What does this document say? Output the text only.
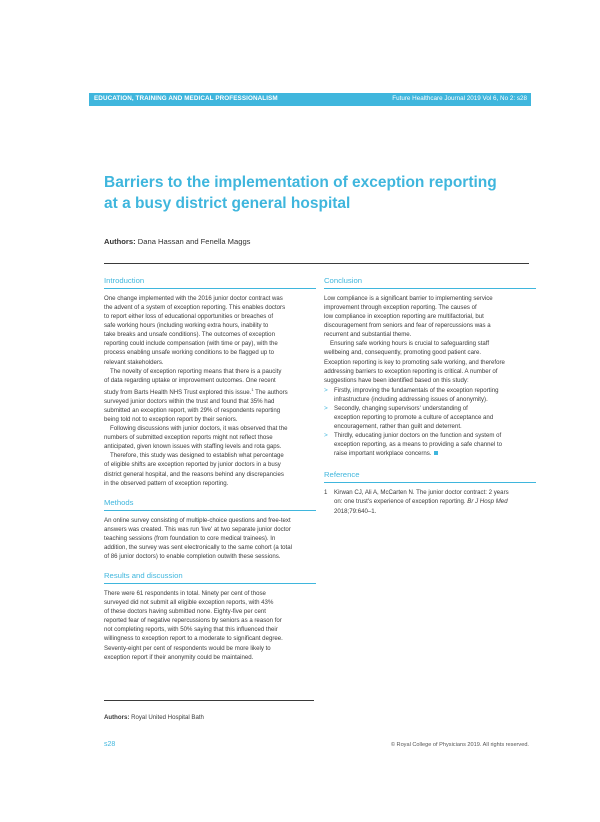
EDUCATION, TRAINING AND MEDICAL PROFESSIONALISM	Future Healthcare Journal 2019 Vol 6, No 2: s28
Barriers to the implementation of exception reporting
at a busy district general hospital
Authors: Dana Hassan and Fenella Maggs
Introduction
One change implemented with the 2016 junior doctor contract was
the advent of a system of exception reporting. This enables doctors
to report either loss of educational opportunities or breaches of
safe working hours (including working extra hours, inability to
take breaks and unsafe conditions). The outcomes of exception
reporting could include compensation (with time or pay), with the
process enabling unsafe working conditions to be flagged up to
relevant stakeholders.
The novelty of exception reporting means that there is a paucity
of data regarding uptake or improvement outcomes. One recent
study from Barts Health NHS Trust explored this issue.$^1$ The authors
surveyed junior doctors within the trust and found that 35% had
submitted an exception report, with 29% of respondents reporting
being told not to exception report by their seniors.
Following discussions with junior doctors, it was observed that the
numbers of submitted exception reports might not reflect those
anticipated, given known issues with staffing levels and rota gaps.
Therefore, this study was designed to establish what percentage
of eligible shifts are exception reported by junior doctors in a busy
district general hospital, and the reasons behind any discrepancies
in the observed pattern of exception reporting.
Methods
An online survey consisting of multiple-choice questions and free-text
answers was created. This was run 'live' at two separate junior doctor
teaching sessions (from foundation to core medical trainees). In
addition, the survey was sent electronically to the same cohort (a total
of 86 junior doctors) to enable completion outwith these sessions.
Results and discussion
There were 61 respondents in total. Ninety per cent of those
surveyed did not submit all eligible exception reports, with 43%
of these doctors having submitted none. Eighty-five per cent
reported fear of negative repercussions by seniors as a reason for
not completing reports, with 50% saying that this influenced their
willingness to exception report to a moderate to significant degree.
Seventy-eight per cent of respondents would be more likely to
exception report if their anonymity could be maintained.
Conclusion
Low compliance is a significant barrier to implementing service
improvement through exception reporting. The causes of
low compliance in exception reporting are multifactorial, but
discouragement from seniors and fear of repercussions was a
recurrent and substantial theme.
Ensuring safe working hours is crucial to safeguarding staff
wellbeing and, consequently, promoting good patient care.
Exception reporting is key to promoting safe working, and therefore
addressing barriers to exception reporting is critical. A number of
suggestions have been identified based on this study:
> Firstly, improving the fundamentals of the exception reporting
infrastructure (including addressing issues of anonymity).
> Secondly, changing supervisors' understanding of
exception reporting to promote a culture of acceptance and
encouragement, rather than guilt and deterrent.
> Thirdly, educating junior doctors on the function and system of
exception reporting, as a means to providing a safe channel to
raise important workplace concerns.
Reference
1 Kirwan CJ, Ali A, McCarten N. The junior doctor contract: 2 years
on: one trust's experience of exception reporting. Br J Hosp Med
2018;79:640–1.
Authors: Royal United Hospital Bath
s28	© Royal College of Physicians 2019. All rights reserved.
